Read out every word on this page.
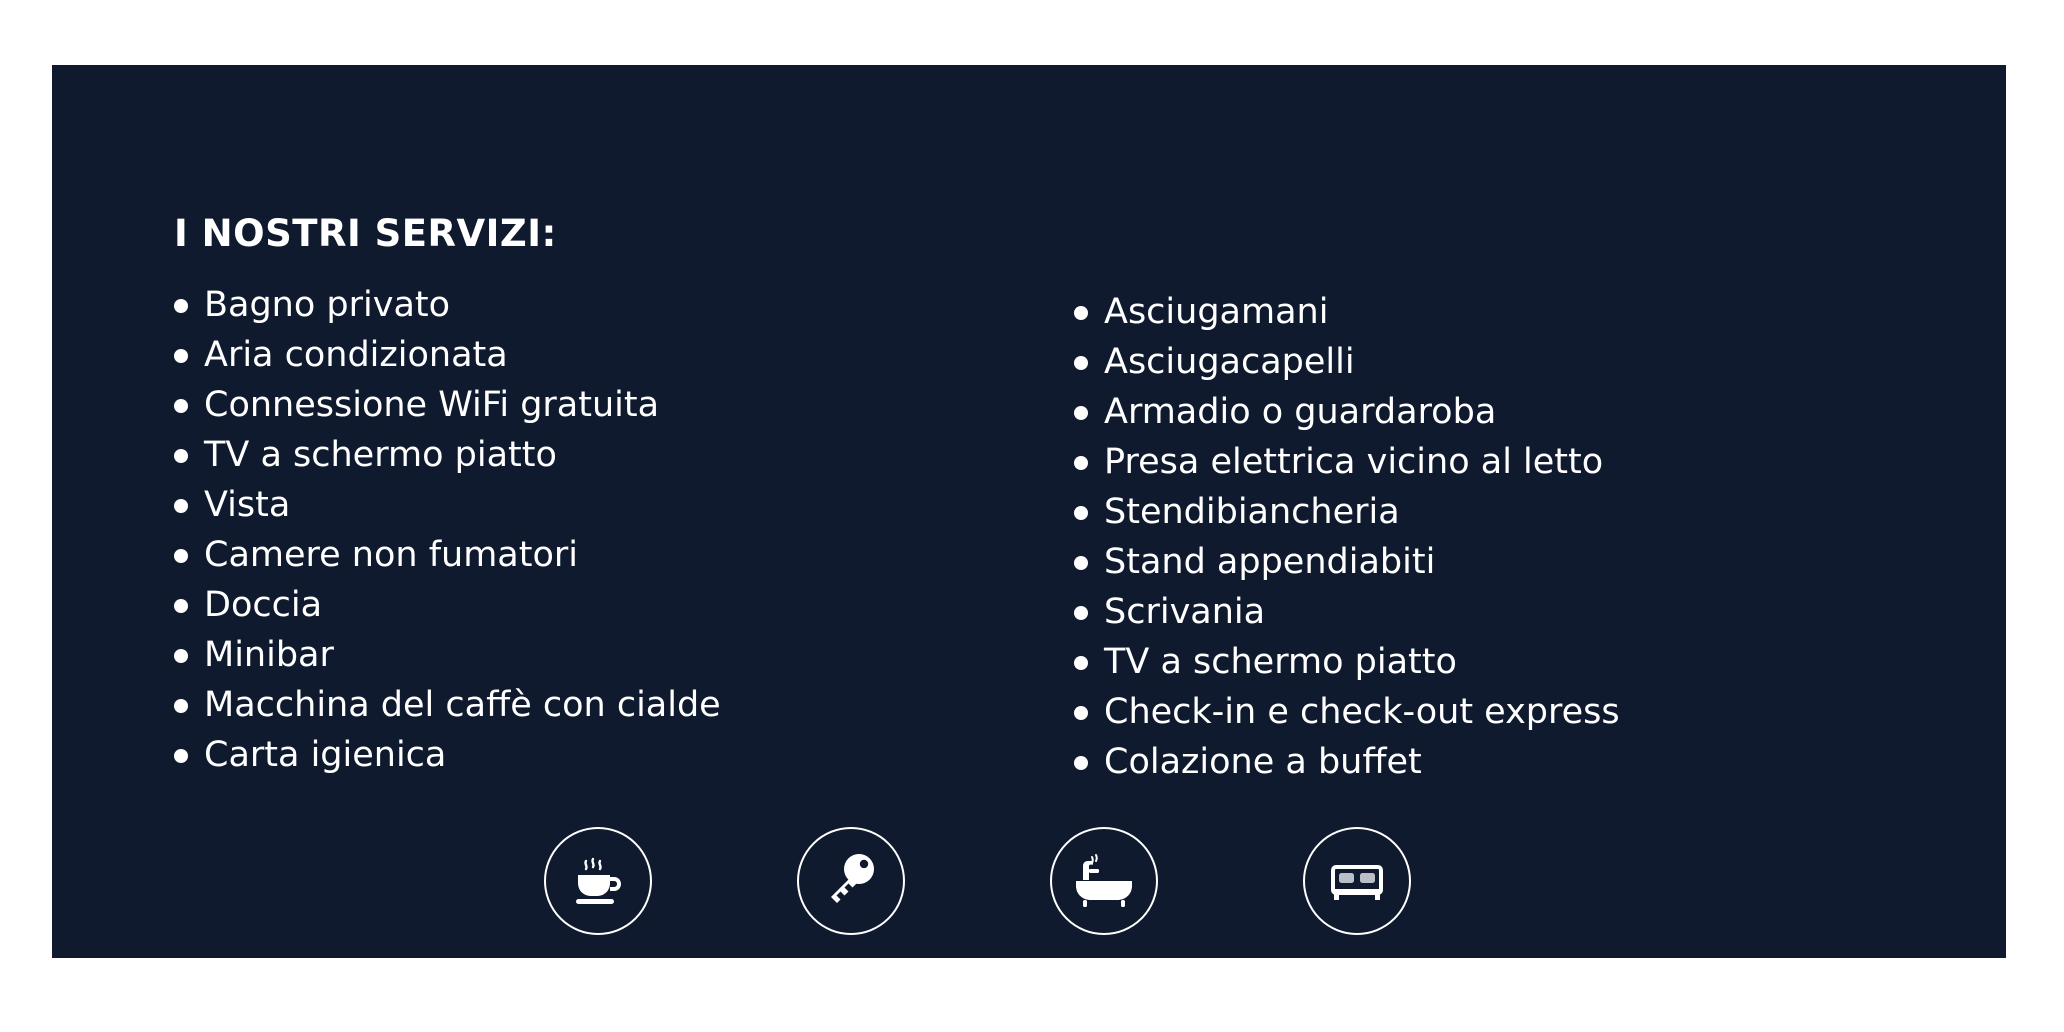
I NOSTRI SERVIZI:
Bagno privato
Aria condizionata
Connessione WiFi gratuita
TV a schermo piatto
Vista
Camere non fumatori
Doccia
Minibar
Macchina del caffè con cialde
Carta igienica
Asciugamani
Asciugacapelli
Armadio o guardaroba
Presa elettrica vicino al letto
Stendibiancheria
Stand appendiabiti
Scrivania
TV a schermo piatto
Check-in e check-out express
Colazione a buffet
